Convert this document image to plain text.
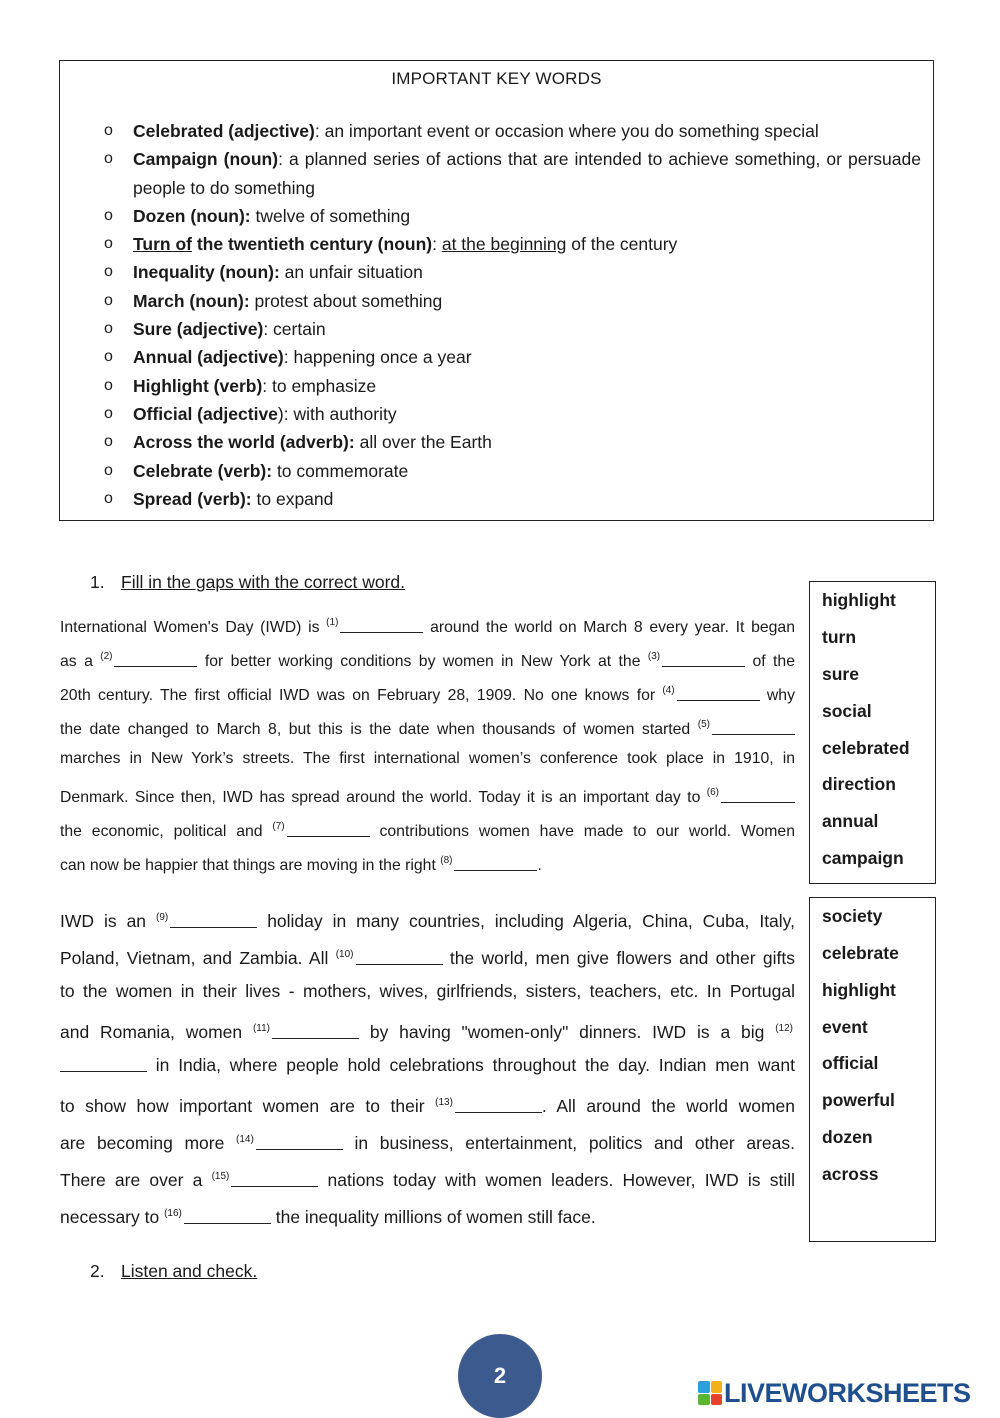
IMPORTANT KEY WORDS
o Celebrated (adjective): an important event or occasion where you do something special
o Campaign (noun): a planned series of actions that are intended to achieve something, or persuade people to do something
o Dozen (noun): twelve of something
o Turn of the twentieth century (noun): at the beginning of the century
o Inequality (noun): an unfair situation
o March (noun): protest about something
o Sure (adjective): certain
o Annual (adjective): happening once a year
o Highlight (verb): to emphasize
o Official (adjective): with authority
o Across the world (adverb): all over the Earth
o Celebrate (verb): to commemorate
o Spread (verb): to expand
1. Fill in the gaps with the correct word.
International Women's Day (IWD) is $^{(1)}$	around the world on March 8 every year. It began
as a $^{(2)}$	for better working conditions by women in New York at the $^{(3)}$	of the
20th century. The first official IWD was on February 28, 1909. No one knows for $^{(4)}$	why
the date changed to March 8, but this is the date when thousands of women started $^{(5)}$
marches in New York’s streets. The first international women’s conference took place in 1910, in
Denmark. Since then, IWD has spread around the world. Today it is an important day to $^{(6)}$
the economic, political and $^{(7)}$	contributions women have made to our world. Women
can now be happier that things are moving in the right $^{(8)}$	.
highlight
turn
sure
social
celebrated
direction
annual
campaign
IWD is an $^{(9)}$	holiday in many countries, including Algeria, China, Cuba, Italy,
Poland, Vietnam, and Zambia. All $^{(10)}$	the world, men give flowers and other gifts
to the women in their lives - mothers, wives, girlfriends, sisters, teachers, etc. In Portugal
and Romania, women $^{(11)}$	by having "women-only" dinners. IWD is a big $^{(12)}$
in India, where people hold celebrations throughout the day. Indian men want
to show how important women are to their $^{(13)}$	. All around the world women
are becoming more $^{(14)}$	in business, entertainment, politics and other areas.
There are over a $^{(15)}$	nations today with women leaders. However, IWD is still
necessary to $^{(16)}$	the inequality millions of women still face.
society
celebrate
highlight
event
official
powerful
dozen
across
2. Listen and check.
2
LIVEWORKSHEETS
